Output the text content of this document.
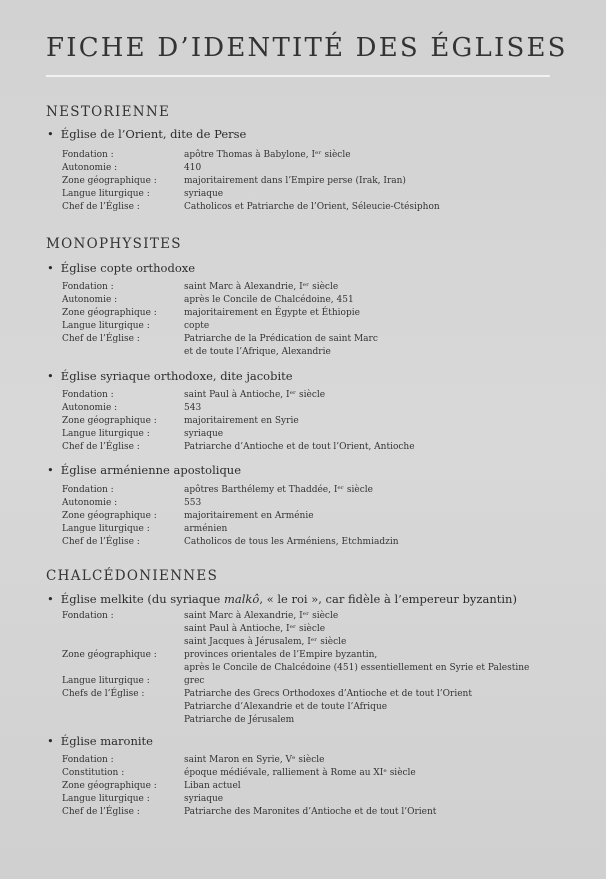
FICHE D’IDENTITÉ DES ÉGLISES
NESTORIENNE
• Église de l’Orient, dite de Perse
Fondation :	apôtre Thomas à Babylone, Iᵉʳ siècle
Autonomie :	410
Zone géographique :	majoritairement dans l’Empire perse (Irak, Iran)
Langue liturgique :	syriaque
Chef de l’Église :	Catholicos et Patriarche de l’Orient, Séleucie-Ctésiphon
MONOPHYSITES
• Église copte orthodoxe
Fondation :	saint Marc à Alexandrie, Iᵉʳ siècle
Autonomie :	après le Concile de Chalcédoine, 451
Zone géographique :	majoritairement en Égypte et Éthiopie
Langue liturgique :	copte
Chef de l’Église :	Patriarche de la Prédication de saint Marc
et de toute l’Afrique, Alexandrie
• Église syriaque orthodoxe, dite jacobite
Fondation :	saint Paul à Antioche, Iᵉʳ siècle
Autonomie :	543
Zone géographique :	majoritairement en Syrie
Langue liturgique :	syriaque
Chef de l’Église :	Patriarche d’Antioche et de tout l’Orient, Antioche
• Église arménienne apostolique
Fondation :	apôtres Barthélemy et Thaddée, Iᵉʳ siècle
Autonomie :	553
Zone géographique :	majoritairement en Arménie
Langue liturgique :	arménien
Chef de l’Église :	Catholicos de tous les Arméniens, Etchmiadzin
CHALCÉDONIENNES
• Église melkite (du syriaque malkô, « le roi », car fidèle à l’empereur byzantin)
Fondation :	saint Marc à Alexandrie, Iᵉʳ siècle
saint Paul à Antioche, Iᵉʳ siècle
saint Jacques à Jérusalem, Iᵉʳ siècle
Zone géographique :	provinces orientales de l’Empire byzantin,
après le Concile de Chalcédoine (451) essentiellement en Syrie et Palestine
Langue liturgique :	grec
Chefs de l’Église :	Patriarche des Grecs Orthodoxes d’Antioche et de tout l’Orient
Patriarche d’Alexandrie et de toute l’Afrique
Patriarche de Jérusalem
• Église maronite
Fondation :	saint Maron en Syrie, Vᵉ siècle
Constitution :	époque médiévale, ralliement à Rome au XIᵉ siècle
Zone géographique :	Liban actuel
Langue liturgique :	syriaque
Chef de l’Église :	Patriarche des Maronites d’Antioche et de tout l’Orient
